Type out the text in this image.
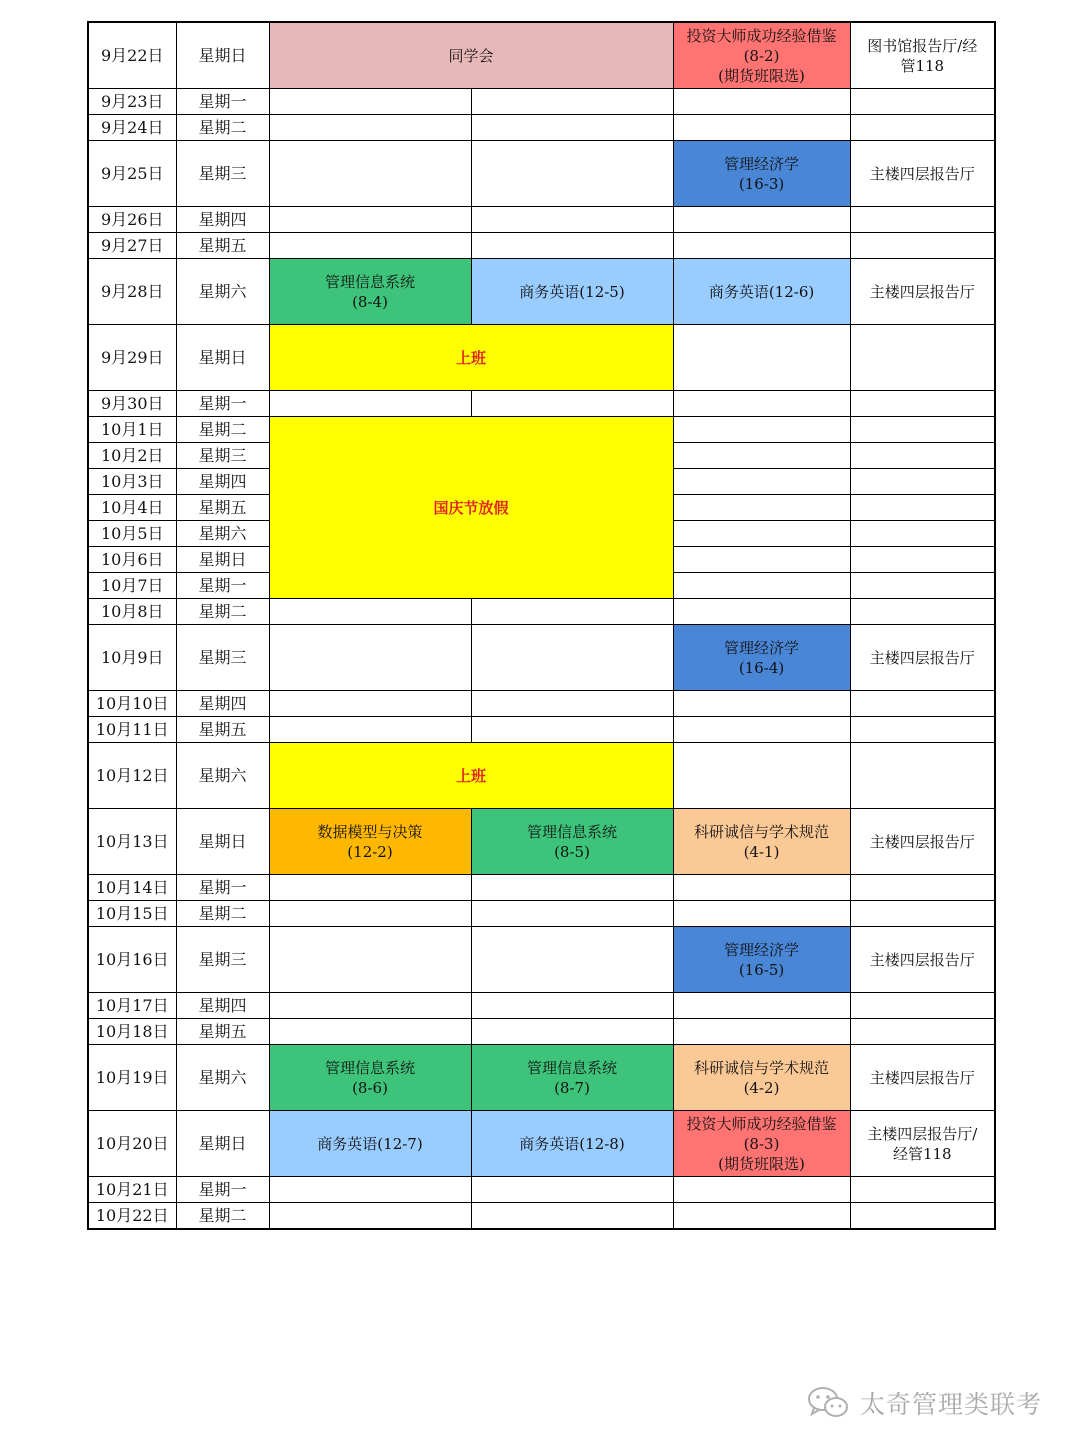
9月22日	星期日	同学会		投资大师成功经验借鉴
(8-2)
(期货班限选)	图书馆报告厅/经
管118

9月23日	星期一				
9月24日	星期二				
9月25日	星期三			管理经济学
(16-3)	主楼四层报告厅

9月26日	星期四				
9月27日	星期五				
9月28日	星期六	管理信息系统
(8-4)	商务英语(12-5)	商务英语(12-6)	主楼四层报告厅

9月29日	星期日	上班			

9月30日	星期一				
10月1日	星期二	国庆节放假			

10月2日	星期三				
10月3日	星期四				
10月4日	星期五				
10月5日	星期六				
10月6日	星期日				
10月7日	星期一				
10月8日	星期二				
10月9日	星期三			管理经济学
(16-4)	主楼四层报告厅

10月10日	星期四				
10月11日	星期五				
10月12日	星期六	上班			

10月13日	星期日	数据模型与决策
(12-2)	管理信息系统
(8-5)	科研诚信与学术规范
(4-1)	主楼四层报告厅

10月14日	星期一				
10月15日	星期二				
10月16日	星期三			管理经济学
(16-5)	主楼四层报告厅

10月17日	星期四				
10月18日	星期五				
10月19日	星期六	管理信息系统
(8-6)	管理信息系统
(8-7)	科研诚信与学术规范
(4-2)	主楼四层报告厅

10月20日	星期日	商务英语(12-7)	商务英语(12-8)	投资大师成功经验借鉴
(8-3)
(期货班限选)	主楼四层报告厅/
经管118

10月21日	星期一				
10月22日	星期二				
太奇管理类联考
